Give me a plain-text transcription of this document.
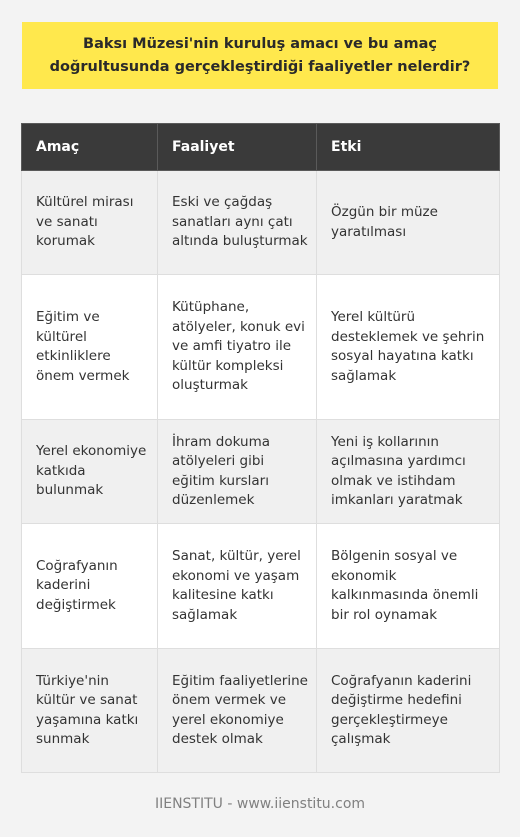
Baksı Müzesi'nin kuruluş amacı ve bu amaç doğrultusunda gerçekleştirdiği faaliyetler nelerdir?
Amaç	Faaliyet	Etki
Kültürel mirası ve sanatı korumak	Eski ve çağdaş sanatları aynı çatı altında buluşturmak	Özgün bir müze yaratılması
Eğitim ve kültürel etkinliklere önem vermek	Kütüphane, atölyeler, konuk evi ve amfi tiyatro ile kültür kompleksi oluşturmak	Yerel kültürü desteklemek ve şehrin sosyal hayatına katkı sağlamak
Yerel ekonomiye katkıda bulunmak	İhram dokuma atölyeleri gibi eğitim kursları düzenlemek	Yeni iş kollarının açılmasına yardımcı olmak ve istihdam imkanları yaratmak
Coğrafyanın kaderini değiştirmek	Sanat, kültür, yerel ekonomi ve yaşam kalitesine katkı sağlamak	Bölgenin sosyal ve ekonomik kalkınmasında önemli bir rol oynamak
Türkiye'nin kültür ve sanat yaşamına katkı sunmak	Eğitim faaliyetlerine önem vermek ve yerel ekonomiye destek olmak	Coğrafyanın kaderini değiştirme hedefini gerçekleştirmeye çalışmak
IIENSTITU - www.iienstitu.com
